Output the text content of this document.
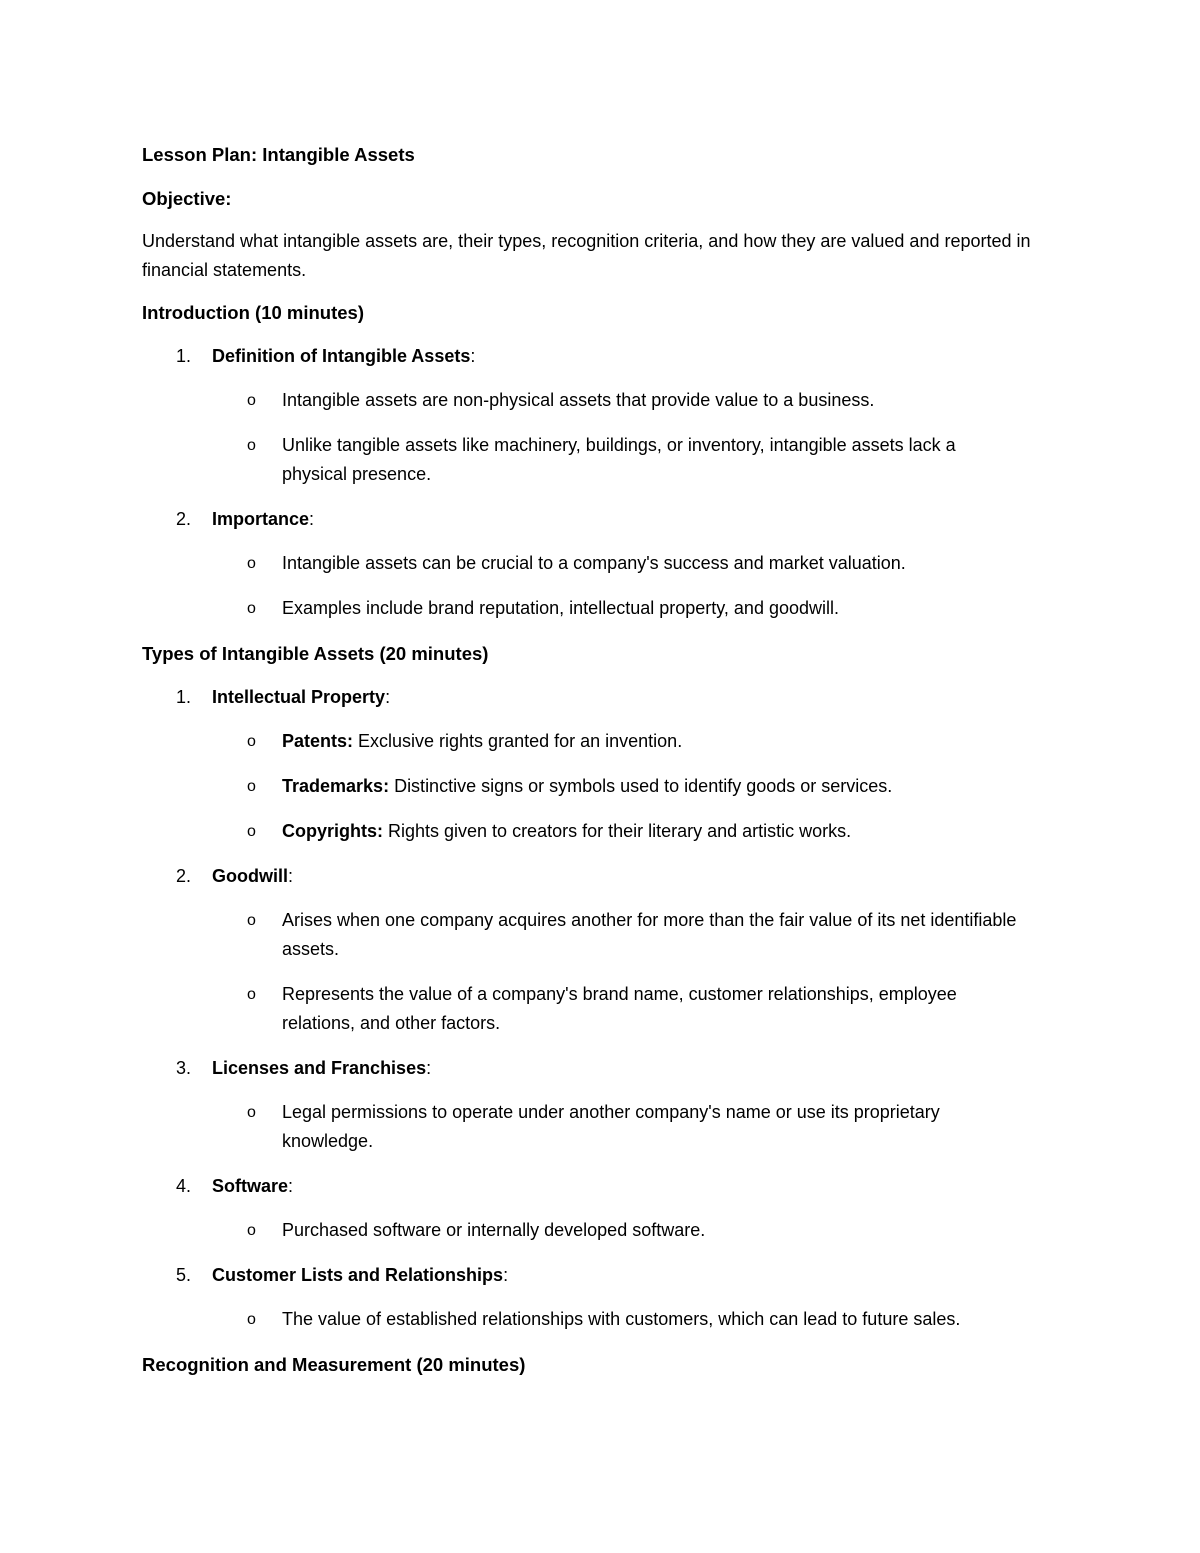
Lesson Plan: Intangible Assets
Objective:

Understand what intangible assets are, their types, recognition criteria, and how they are valued and reported in financial statements.

Introduction (10 minutes)
1. Definition of Intangible Assets:
o Intangible assets are non-physical assets that provide value to a business.
o Unlike tangible assets like machinery, buildings, or inventory, intangible assets lack a physical presence.
2. Importance:
o Intangible assets can be crucial to a company's success and market valuation.
o Examples include brand reputation, intellectual property, and goodwill.
Types of Intangible Assets (20 minutes)
1. Intellectual Property:
o Patents: Exclusive rights granted for an invention.
o Trademarks: Distinctive signs or symbols used to identify goods or services.
o Copyrights: Rights given to creators for their literary and artistic works.
2. Goodwill:
o Arises when one company acquires another for more than the fair value of its net identifiable assets.
o Represents the value of a company's brand name, customer relationships, employee relations, and other factors.
3. Licenses and Franchises:
o Legal permissions to operate under another company's name or use its proprietary knowledge.
4. Software:
o Purchased software or internally developed software.
5. Customer Lists and Relationships:
o The value of established relationships with customers, which can lead to future sales.
Recognition and Measurement (20 minutes)
